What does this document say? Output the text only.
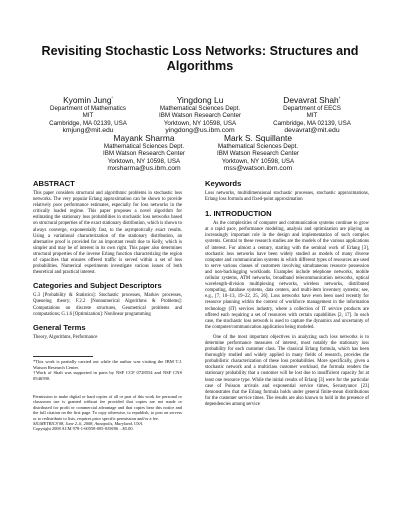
Revisiting Stochastic Loss Networks: Structures and
Algorithms
Kyomin Jung*
Department of Mathematics
MIT
Cambridge, MA 02139, USA
kmjung@mit.edu
Yingdong Lu
Mathematical Sciences Dept.
IBM Watson Research Center
Yorktown, NY 10598, USA
yingdong@us.ibm.com
Devavrat Shah†
Department of EECS
MIT
Cambridge, MA 02139, USA
devavrat@mit.edu
Mayank Sharma
Mathematical Sciences Dept.
IBM Watson Research Center
Yorktown, NY 10598, USA
mxsharma@us.ibm.com
Mark S. Squillante
Mathematical Sciences Dept.
IBM Watson Research Center
Yorktown, NY 10598, USA
mss@watson.ibm.com
ABSTRACT
This paper considers structural and algorithmic problems in stochastic loss networks. The very popular Erlang approximation can be shown to provide relatively poor performance estimates, especially for loss networks in the critically loaded regime. This paper proposes a novel algorithm for estimating the stationary loss probabilities in stochastic loss networks based on structural properties of the exact stationary distribution, which is shown to always converge, exponentially fast, to the asymptotically exact results. Using a variational characterization of the stationary distribution, an alternative proof is provided for an important result due to Kelly, which is simpler and may be of interest in its own right. This paper also determines structural properties of the inverse Erlang function characterizing the region of capacities that ensures offered traffic is served within a set of loss probabilities. Numerical experiments investigate various issues of both theoretical and practical interest.
Categories and Subject Descriptors
G.3 [Probability & Statistics]: Stochastic processes, Markov processes, Queueing theory; F.2.2 [Nonnumerical Algorithms & Problems]: Computations on discrete structures, Geometrical problems and computations; G.1.6 [Optimization]: Nonlinear programming
General Terms
Theory, Algorithms, Performance
*This work is partially carried out while the author was visiting the IBM T.J. Watson Research Center.
†Work of Shah was supported in parts by NSF CCF 0728554 and NSF CNS 0546590.
Permission to make digital or hard copies of all or part of this work for personal or classroom use is granted without fee provided that copies are not made or distributed for profit or commercial advantage and that copies bear this notice and the full citation on the first page. To copy otherwise, to republish, to post on servers or to redistribute to lists, requires prior specific permission and/or a fee.
SIGMETRICS'08, June 2–6, 2008, Annapolis, Maryland, USA.
Copyright 2008 ACM 978-1-60558-005-0/08/06 ...$5.00.
Keywords
Loss networks, multidimensional stochastic processes, stochastic approximations, Erlang loss formula and fixed-point approximation
1. INTRODUCTION
As the complexities of computer and communication systems continue to grow at a rapid pace, performance modeling, analysis and optimization are playing an increasingly important role in the design and implementation of such complex systems. Central to these research studies are the models of the various applications of interest. For almost a century, starting with the seminal work of Erlang [3], stochastic loss networks have been widely studied as models of many diverse computer and communication systems in which different types of resources are used to serve various classes of customers involving simultaneous resource possession and non-backlogging workloads. Examples include telephone networks, mobile cellular systems, ATM networks, broadband telecommunication networks, optical wavelength-division multiplexing networks, wireless networks, distributed computing, database systems, data centers, and multi-item inventory systems; see, e.g., [7, 10–13, 19–22, 25, 26]. Loss networks have even been used recently for resource planning within the context of workforce management in the information technology (IT) services industry, where a collection of IT service products are offered each requiring a set of resources with certain capabilities [2, 17]. In each case, the stochastic loss network is used to capture the dynamics and uncertainty of the computer/communication application being modeled.
One of the most important objectives in analyzing such loss networks is to determine performance measures of interest, most notably the stationary loss probability for each customer class. The classical Erlang formula, which has been thoroughly studied and widely applied in many fields of research, provides the probabilistic characterization of these loss probabilities. More specifically, given a stochastic network and a multiclass customer workload, the formula renders the stationary probability that a customer will be lost due to insufficient capacity for at least one resource type. While the initial results of Erlang [3] were for the particular case of Poisson arrivals and exponential service times, Sevastyanov [23] demonstrates that the Erlang formula holds under general finite-mean distributions for the customer service times. The results are also known to hold in the presence of dependencies among service
